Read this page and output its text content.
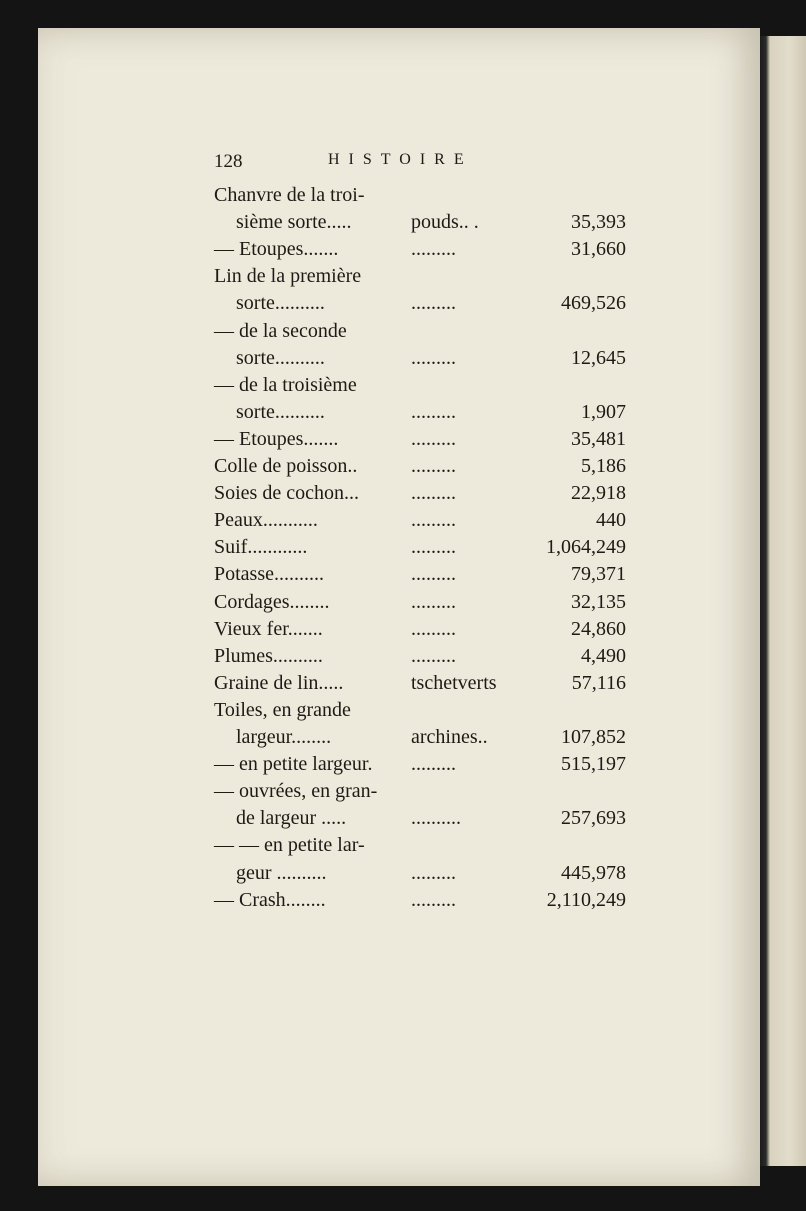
128	HISTOIRE
Chanvre de la troi-
sième sorte.....	pouds.. .	35,393
— Etoupes.......	.........	31,660
Lin de la première
sorte..........	.........	469,526
— de la seconde
sorte..........	.........	12,645
— de la troisième
sorte..........	.........	1,907
— Etoupes.......	.........	35,481
Colle de poisson..	.........	5,186
Soies de cochon...	.........	22,918
Peaux...........	.........	440
Suif............	.........	1,064,249
Potasse..........	.........	79,371
Cordages........	.........	32,135
Vieux fer.......	.........	24,860
Plumes..........	.........	4,490
Graine de lin.....	tschetverts	57,116
Toiles, en grande
largeur........	archines..	107,852
— en petite largeur. .........	515,197
— ouvrées, en gran-
de largeur .....	..........	257,693
— — en petite lar-
geur ..........	.........	445,978
— Crash........	.........	2,110,249
